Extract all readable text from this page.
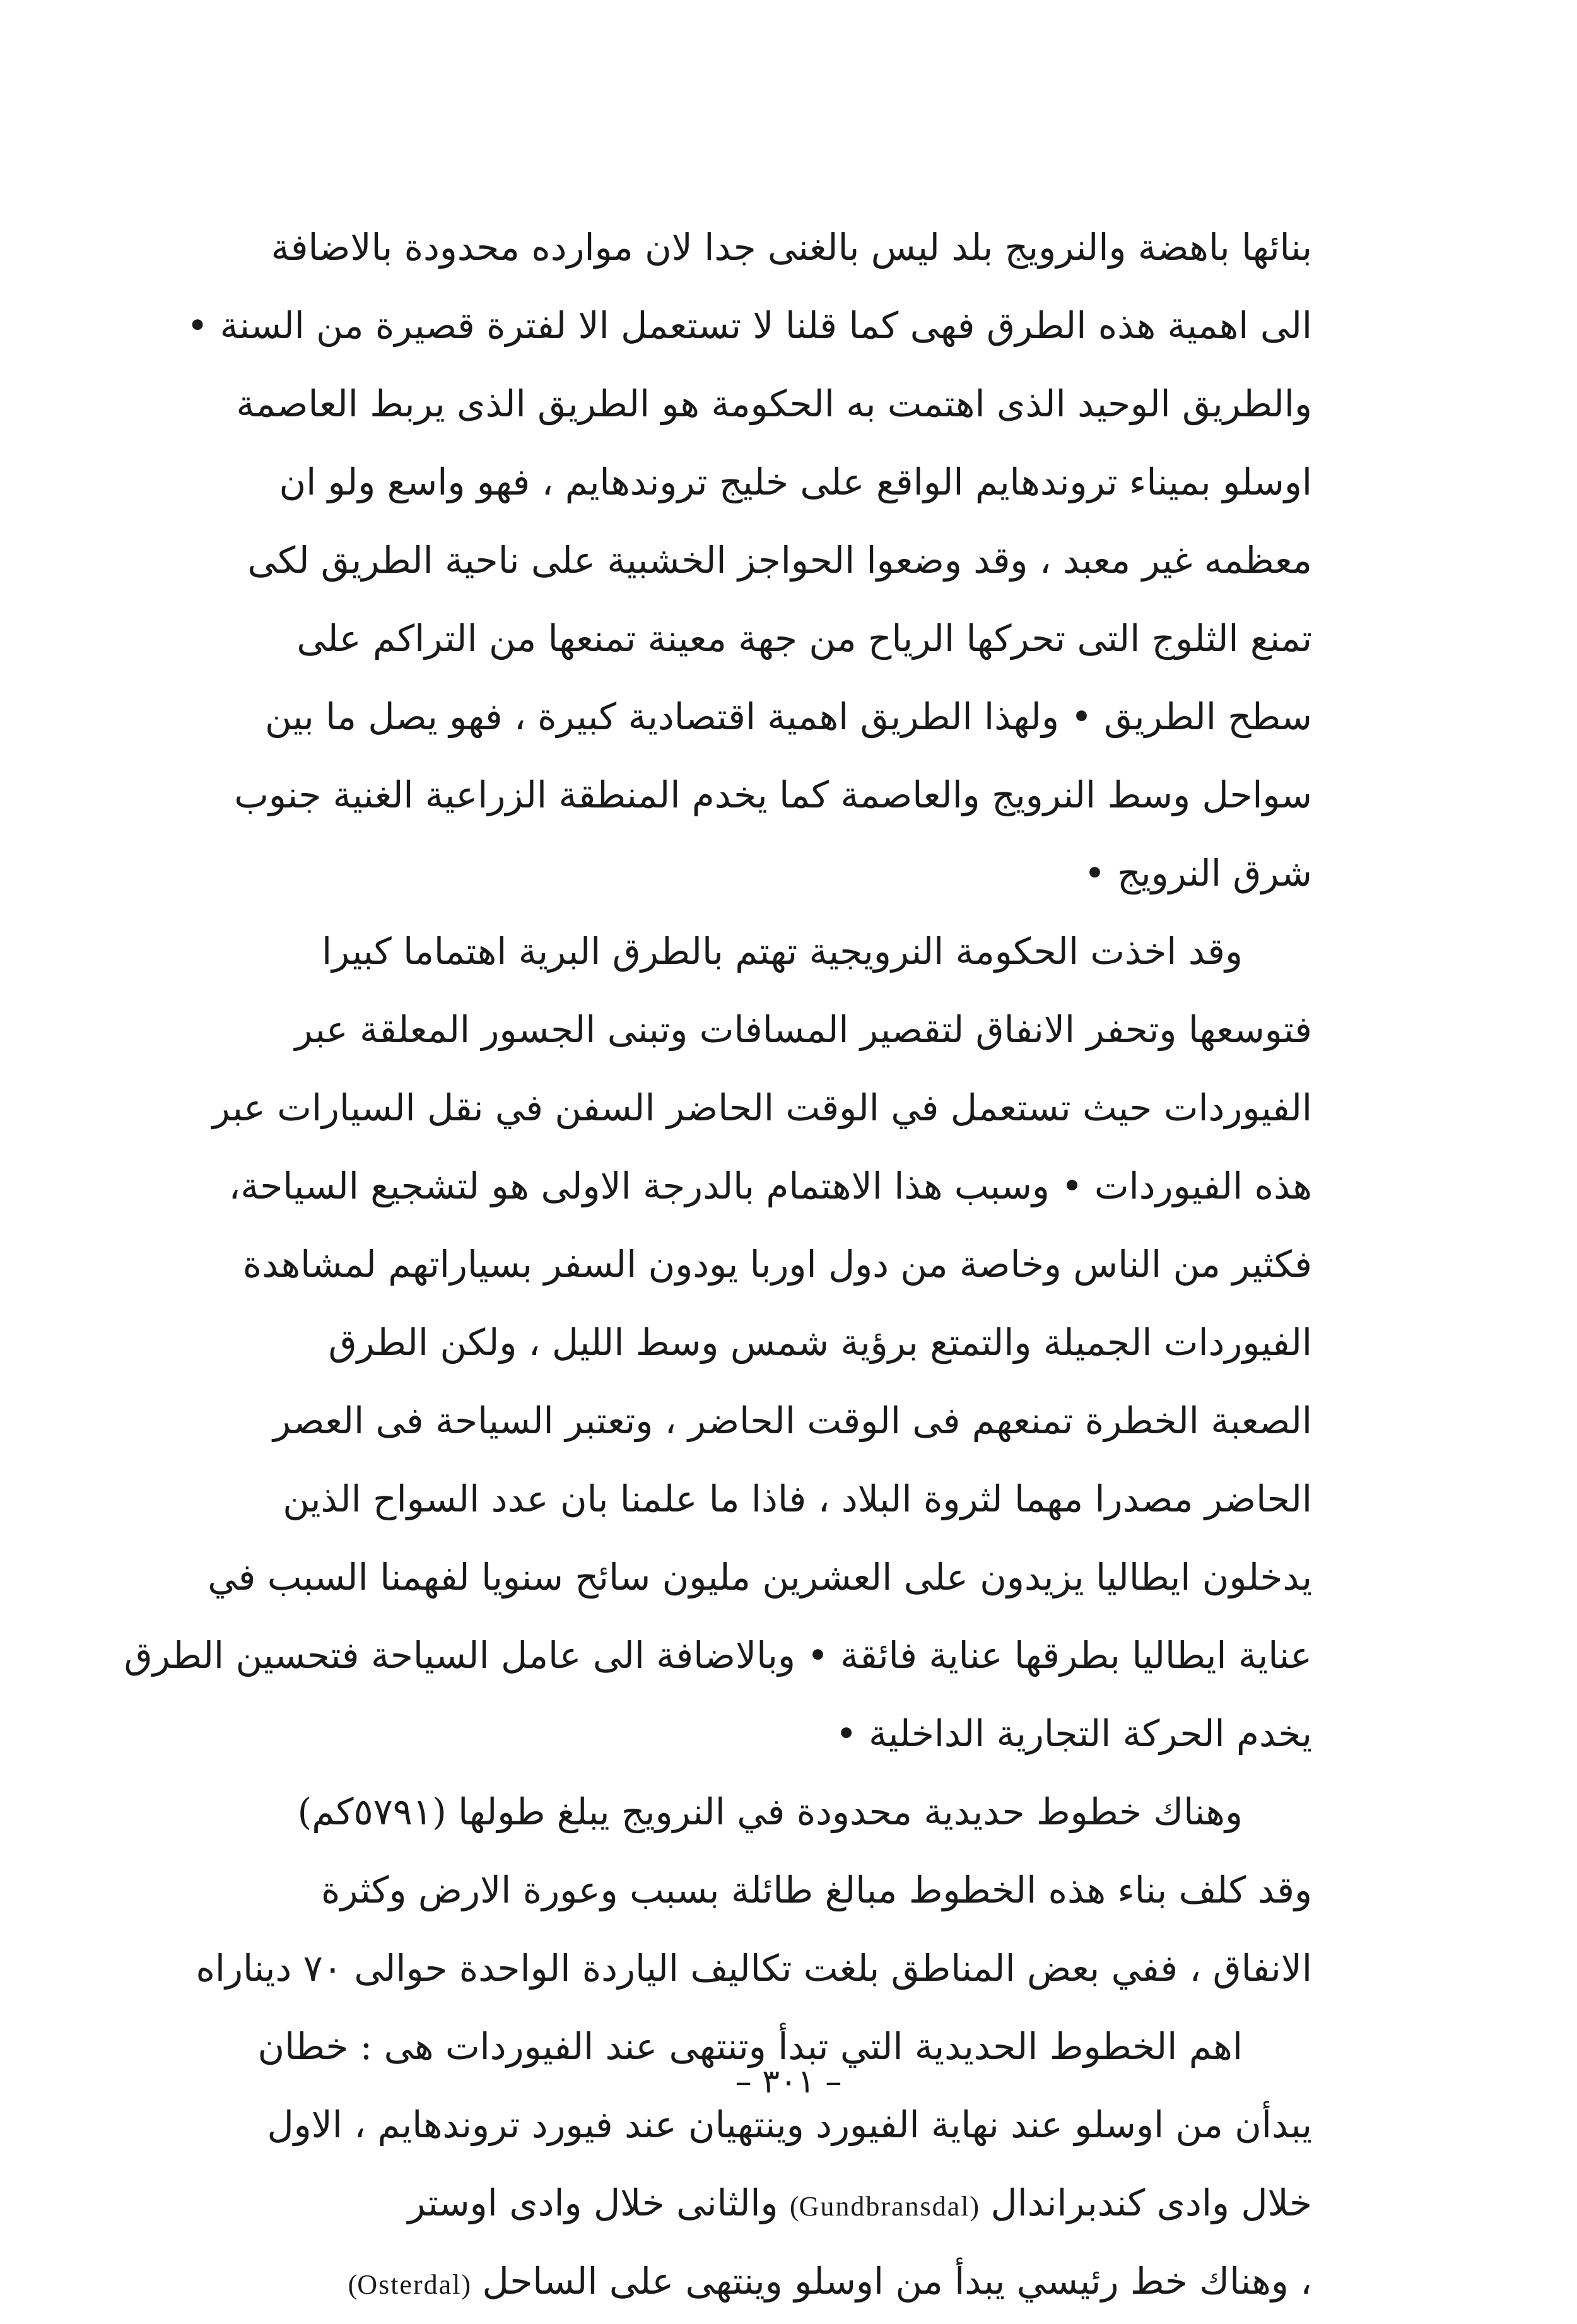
بنائها باهضة والنرويج بلد ليس بالغنى جدا لان موارده محدودة بالاضافة
الى اهمية هذه الطرق فهى كما قلنا لا تستعمل الا لفترة قصيرة من السنة •
والطريق الوحيد الذى اهتمت به الحكومة هو الطريق الذى يربط العاصمة
اوسلو بميناء تروندهايم الواقع على خليج تروندهايم ، فهو واسع ولو ان
معظمه غير معبد ، وقد وضعوا الحواجز الخشبية على ناحية الطريق لكى
تمنع الثلوج التى تحركها الرياح من جهة معينة تمنعها من التراكم على
سطح الطريق • ولهذا الطريق اهمية اقتصادية كبيرة ، فهو يصل ما بين
سواحل وسط النرويج والعاصمة كما يخدم المنطقة الزراعية الغنية جنوب
شرق النرويج •
وقد اخذت الحكومة النرويجية تهتم بالطرق البرية اهتماما كبيرا
فتوسعها وتحفر الانفاق لتقصير المسافات وتبنى الجسور المعلقة عبر
الفيوردات حيث تستعمل في الوقت الحاضر السفن في نقل السيارات عبر
هذه الفيوردات • وسبب هذا الاهتمام بالدرجة الاولى هو لتشجيع السياحة،
فكثير من الناس وخاصة من دول اوربا يودون السفر بسياراتهم لمشاهدة
الفيوردات الجميلة والتمتع برؤية شمس وسط الليل ، ولكن الطرق
الصعبة الخطرة تمنعهم فى الوقت الحاضر ، وتعتبر السياحة فى العصر
الحاضر مصدرا مهما لثروة البلاد ، فاذا ما علمنا بان عدد السواح الذين
يدخلون ايطاليا يزيدون على العشرين مليون سائح سنويا لفهمنا السبب في
عناية ايطاليا بطرقها عناية فائقة • وبالاضافة الى عامل السياحة فتحسين الطرق
يخدم الحركة التجارية الداخلية •
وهناك خطوط حديدية محدودة في النرويج يبلغ طولها (٥٧٩١كم)
وقد كلف بناء هذه الخطوط مبالغ طائلة بسبب وعورة الارض وكثرة
الانفاق ، ففي بعض المناطق بلغت تكاليف الياردة الواحدة حوالى ٧٠ ديناراه
اهم الخطوط الحديدية التي تبدأ وتنتهى عند الفيوردات هى : خطان
يبدأن من اوسلو عند نهاية الفيورد وينتهيان عند فيورد تروندهايم ، الاول
خلال وادى كندبراندال (Gundbransdal) والثانى خلال وادى اوستر
، وهناك خط رئيسي يبدأ من اوسلو وينتهى على الساحل (Osterdal)
– ٣٠١ –
